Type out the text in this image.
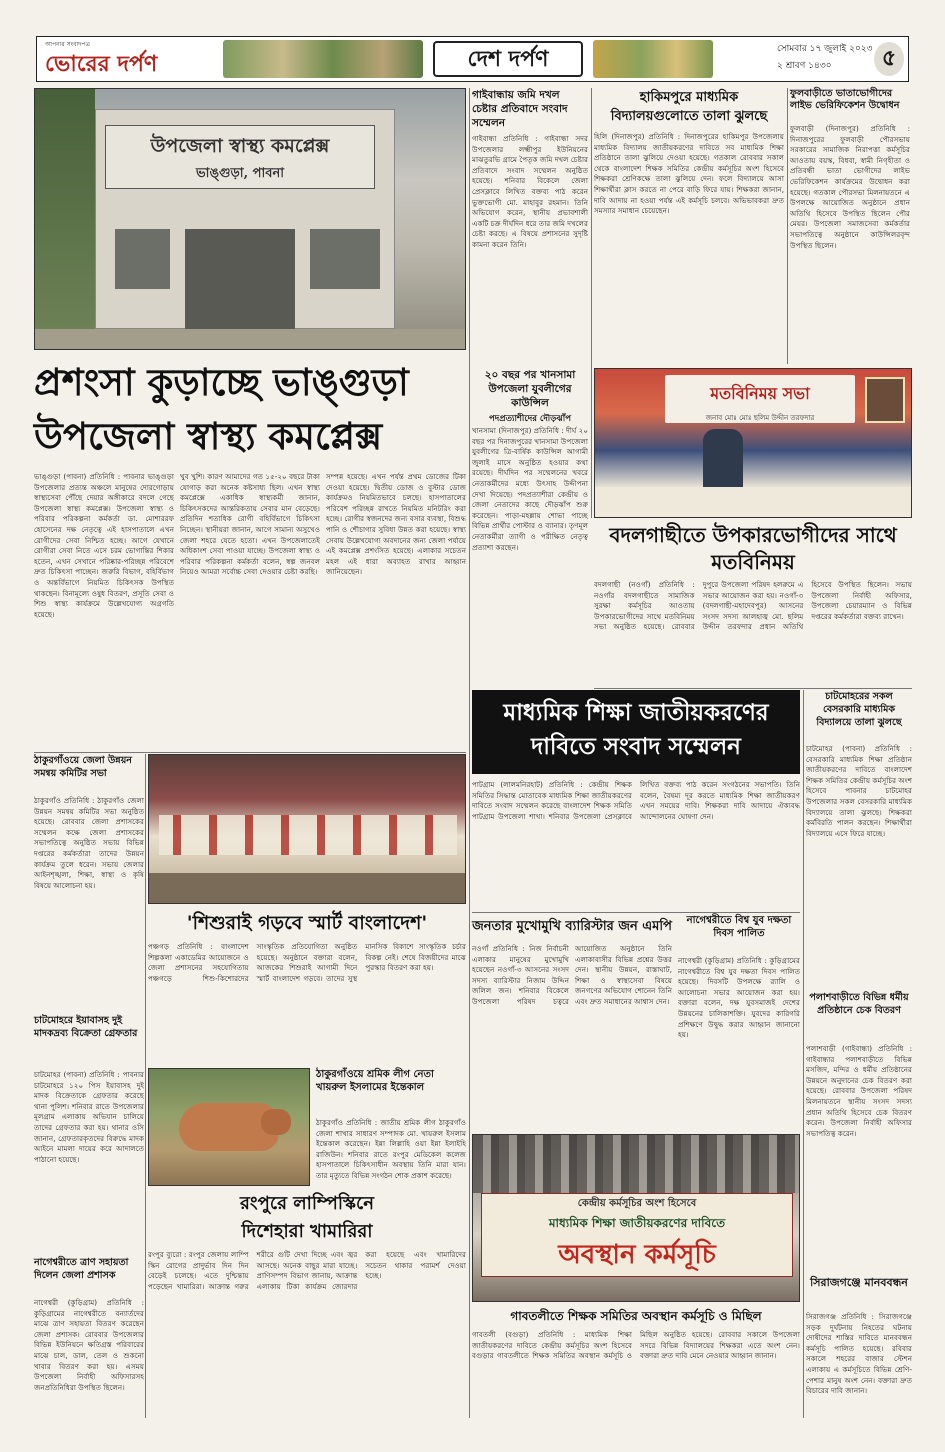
আপনার সংবাদপত্র
ভোরের দর্পণ	দেশ দর্পণ	সোমবার ১৭ জুলাই ২০২৩
২ শ্রাবণ ১৪৩০	৫
উপজেলা স্বাস্থ্য কমপ্লেক্স
ভাঙ্গুড়া, পাবনা
প্রশংসা কুড়াচ্ছে ভাঙ্গুড়া
উপজেলা স্বাস্থ্য কমপ্লেক্স
ভাঙ্গুড়া (পাবনা) প্রতিনিধি : পাবনার ভাঙ্গুড়া উপজেলার প্রত্যন্ত অঞ্চলে মানুষের দোরগোড়ায় স্বাস্থ্যসেবা পৌঁছে দেয়ার অঙ্গীকারে বদলে গেছে উপজেলা স্বাস্থ্য কমপ্লেক্স। উপজেলা স্বাস্থ্য ও পরিবার পরিকল্পনা কর্মকর্তা ডা. মোশাররফ হোসেনের দক্ষ নেতৃত্বে এই হাসপাতালে এখন রোগীদের সেবা নিশ্চিত হচ্ছে। আগে যেখানে রোগীরা সেবা নিতে এসে চরম ভোগান্তির শিকার হতেন, এখন সেখানে পরিষ্কার-পরিচ্ছন্ন পরিবেশে দ্রুত চিকিৎসা পাচ্ছেন। জরুরি বিভাগ, বহির্বিভাগ ও অন্তর্বিভাগে নিয়মিত চিকিৎসক উপস্থিত থাকছেন। বিনামূল্যে ওষুধ বিতরণ, প্রসূতি সেবা ও শিশু স্বাস্থ্য কার্যক্রমে উল্লেখযোগ্য অগ্রগতি হয়েছে।
খুব খুশি। কারণ আমাদের গত ১৫-২০ বছরে টাকা যোগাড় করা অনেক কষ্টসাধ্য ছিল। এখন স্বাস্থ্য কমপ্লেক্সে একাধিক স্বাস্থ্যকর্মী জানান, চিকিৎসকদের আন্তরিকতায় সেবার মান বেড়েছে। প্রতিদিন শতাধিক রোগী বহির্বিভাগে চিকিৎসা নিচ্ছেন। স্থানীয়রা জানান, আগে সামান্য অসুখেও জেলা শহরে যেতে হতো। এখন উপজেলাতেই অধিকাংশ সেবা পাওয়া যাচ্ছে। উপজেলা স্বাস্থ্য ও পরিবার পরিকল্পনা কর্মকর্তা বলেন, স্বল্প জনবল নিয়েও আমরা সর্বোচ্চ সেবা দেওয়ার চেষ্টা করছি।
সম্পন্ন হয়েছে। এখন পর্যন্ত প্রথম ডোজের টিকা দেওয়া হয়েছে। দ্বিতীয় ডোজ ও বুস্টার ডোজ কার্যক্রমও নিয়মিতভাবে চলছে। হাসপাতালের পরিবেশ পরিচ্ছন্ন রাখতে নিয়মিত মনিটরিং করা হচ্ছে। রোগীর স্বজনদের জন্য বসার ব্যবস্থা, বিশুদ্ধ পানি ও শৌচাগার সুবিধা উন্নত করা হয়েছে। স্বাস্থ্য সেবায় উল্লেখযোগ্য অবদানের জন্য জেলা পর্যায়ে এই কমপ্লেক্স প্রশংসিত হয়েছে। এলাকার সচেতন মহল এই ধারা অব্যাহত রাখার আহ্বান জানিয়েছেন।
গাইবান্ধায় জমি দখল চেষ্টার প্রতিবাদে সংবাদ সম্মেলন
গাইবান্ধা প্রতিনিধি : গাইবান্ধা সদর উপজেলার লক্ষ্মীপুর ইউনিয়নের মাঝতুরভি গ্রামে পৈতৃক জমি দখল চেষ্টার প্রতিবাদে সংবাদ সম্মেলন অনুষ্ঠিত হয়েছে। শনিবার বিকেলে জেলা প্রেসক্লাবে লিখিত বক্তব্য পাঠ করেন ভুক্তভোগী মো. মাহাবুর রহমান। তিনি অভিযোগ করেন, স্থানীয় প্রভাবশালী একটি চক্র দীর্ঘদিন ধরে তার জমি দখলের চেষ্টা করছে। এ বিষয়ে প্রশাসনের সুদৃষ্টি কামনা করেন তিনি।
২০ বছর পর খানসামা উপজেলা যুবলীগের কাউন্সিল
পদপ্রত্যাশীদের দৌড়ঝাঁপ
খানসামা (দিনাজপুর) প্রতিনিধি : দীর্ঘ ২০ বছর পর দিনাজপুরের খানসামা উপজেলা যুবলীগের ত্রি-বার্ষিক কাউন্সিল আগামী জুলাই মাসে অনুষ্ঠিত হওয়ার কথা রয়েছে। দীর্ঘদিন পর সম্মেলনের খবরে নেতাকর্মীদের মধ্যে উৎসাহ উদ্দীপনা দেখা দিয়েছে। পদপ্রত্যাশীরা কেন্দ্রীয় ও জেলা নেতাদের কাছে দৌড়ঝাঁপ শুরু করেছেন। পাড়া-মহল্লায় শোভা পাচ্ছে বিভিন্ন প্রার্থীর পোস্টার ও ব্যানার। তৃণমূল নেতাকর্মীরা ত্যাগী ও পরীক্ষিত নেতৃত্ব প্রত্যাশা করছেন।
হাকিমপুরে মাধ্যমিক বিদ্যালয়গুলোতে তালা ঝুলছে
হিলি (দিনাজপুর) প্রতিনিধি : দিনাজপুরের হাকিমপুর উপজেলায় মাধ্যমিক বিদ্যালয় জাতীয়করণের দাবিতে সব মাধ্যমিক শিক্ষা প্রতিষ্ঠানে তালা ঝুলিয়ে দেওয়া হয়েছে। গতকাল রোববার সকাল থেকে বাংলাদেশ শিক্ষক সমিতির কেন্দ্রীয় কর্মসূচির অংশ হিসেবে শিক্ষকরা শ্রেণিকক্ষে তালা ঝুলিয়ে দেন। ফলে বিদ্যালয়ে আসা শিক্ষার্থীরা ক্লাস করতে না পেরে বাড়ি ফিরে যায়। শিক্ষকরা জানান, দাবি আদায় না হওয়া পর্যন্ত এই কর্মসূচি চলবে। অভিভাবকরা দ্রুত সমস্যার সমাধান চেয়েছেন।
ফুলবাড়ীতে ভাতাভোগীদের লাইভ ভেরিফিকেশন উদ্বোধন
ফুলবাড়ী (দিনাজপুর) প্রতিনিধি : দিনাজপুরের ফুলবাড়ী পৌরসভায় সরকারের সামাজিক নিরাপত্তা কর্মসূচির আওতায় বয়স্ক, বিধবা, স্বামী নিগৃহীতা ও প্রতিবন্ধী ভাতা ভোগীদের লাইভ ভেরিফিকেশন কার্যক্রমের উদ্বোধন করা হয়েছে। গতকাল পৌরসভা মিলনায়তনে এ উপলক্ষে আয়োজিত অনুষ্ঠানে প্রধান অতিথি হিসেবে উপস্থিত ছিলেন পৌর মেয়র। উপজেলা সমাজসেবা কর্মকর্তার সভাপতিত্বে অনুষ্ঠানে কাউন্সিলরবৃন্দ উপস্থিত ছিলেন।
মতবিনিময় সভা
জনাব মোঃ মোঃ ছলিম উদ্দীন তরফদার
বদলগাছীতে উপকারভোগীদের সাথে মতবিনিময়
বদলগাছী (নওগাঁ) প্রতিনিধি : নওগাঁর বদলগাছীতে সামাজিক সুরক্ষা কর্মসূচির আওতায় উপকারভোগীদের সাথে মতবিনিময় সভা অনুষ্ঠিত হয়েছে। রোববার দুপুরে উপজেলা পরিষদ হলরুমে এ সভার আয়োজন করা হয়। নওগাঁ-৩ (বদলগাছী-মহাদেবপুর) আসনের সংসদ সদস্য আলহাজ্ব মো. ছলিম উদ্দীন তরফদার প্রধান অতিথি হিসেবে উপস্থিত ছিলেন। সভায় উপজেলা নির্বাহী অফিসার, উপজেলা চেয়ারম্যান ও বিভিন্ন দপ্তরের কর্মকর্তারা বক্তব্য রাখেন।
চাটমোহরের সকল বেসরকারি মাধ্যমিক বিদ্যালয়ে তালা ঝুলছে
চাটমোহর (পাবনা) প্রতিনিধি : বেসরকারি মাধ্যমিক শিক্ষা প্রতিষ্ঠান জাতীয়করণের দাবিতে বাংলাদেশ শিক্ষক সমিতির কেন্দ্রীয় কর্মসূচির অংশ হিসেবে পাবনার চাটমোহর উপজেলার সকল বেসরকারি মাধ্যমিক বিদ্যালয়ে তালা ঝুলছে। শিক্ষকরা কর্মবিরতি পালন করছেন। শিক্ষার্থীরা বিদ্যালয়ে এসে ফিরে যাচ্ছে।
মাধ্যমিক শিক্ষা জাতীয়করণের
দাবিতে সংবাদ সম্মেলন
পাটগ্রাম (লালমনিরহাট) প্রতিনিধি : কেন্দ্রীয় শিক্ষক সমিতির সিদ্ধান্ত মোতাবেক মাধ্যমিক শিক্ষা জাতীয়করণের দাবিতে সংবাদ সম্মেলন করেছে বাংলাদেশ শিক্ষক সমিতি পাটগ্রাম উপজেলা শাখা। শনিবার উপজেলা প্রেসক্লাবে লিখিত বক্তব্য পাঠ করেন সংগঠনের সভাপতি। তিনি বলেন, বৈষম্য দূর করতে মাধ্যমিক শিক্ষা জাতীয়করণ এখন সময়ের দাবি। শিক্ষকরা দাবি আদায়ে ঐক্যবদ্ধ আন্দোলনের ঘোষণা দেন।
ঠাকুরগাঁওয়ে জেলা উন্নয়ন সমন্বয় কমিটির সভা
ঠাকুরগাঁও প্রতিনিধি : ঠাকুরগাঁও জেলা উন্নয়ন সমন্বয় কমিটির সভা অনুষ্ঠিত হয়েছে। রোববার জেলা প্রশাসকের সম্মেলন কক্ষে জেলা প্রশাসকের সভাপতিত্বে অনুষ্ঠিত সভায় বিভিন্ন দপ্তরের কর্মকর্তারা তাদের উন্নয়ন কার্যক্রম তুলে ধরেন। সভায় জেলার আইনশৃঙ্খলা, শিক্ষা, স্বাস্থ্য ও কৃষি বিষয়ে আলোচনা হয়।
'শিশুরাই গড়বে স্মার্ট বাংলাদেশ'
পঞ্চগড় প্রতিনিধি : বাংলাদেশ শিল্পকলা একাডেমির আয়োজনে ও জেলা প্রশাসনের সহযোগিতায় পঞ্চগড়ে শিশু-কিশোরদের সাংস্কৃতিক প্রতিযোগিতা অনুষ্ঠিত হয়েছে। অনুষ্ঠানে বক্তারা বলেন, আজকের শিশুরাই আগামী দিনে স্মার্ট বাংলাদেশ গড়বে। তাদের সুস্থ মানসিক বিকাশে সাংস্কৃতিক চর্চার বিকল্প নেই। শেষে বিজয়ীদের মাঝে পুরস্কার বিতরণ করা হয়।
চাটমোহরে ইয়াবাসহ দুই মাদকদ্রব্য বিক্রেতা গ্রেফতার
চাটমোহর (পাবনা) প্রতিনিধি : পাবনার চাটমোহরে ১২০ পিস ইয়াবাসহ দুই মাদক বিক্রেতাকে গ্রেফতার করেছে থানা পুলিশ। শনিবার রাতে উপজেলার মূলগ্রাম এলাকায় অভিযান চালিয়ে তাদের গ্রেফতার করা হয়। থানার ওসি জানান, গ্রেফতারকৃতদের বিরুদ্ধে মাদক আইনে মামলা দায়ের করে আদালতে পাঠানো হয়েছে।
নাগেশ্বরীতে ত্রাণ সহায়তা দিলেন জেলা প্রশাসক
নাগেশ্বরী (কুড়িগ্রাম) প্রতিনিধি : কুড়িগ্রামের নাগেশ্বরীতে বন্যার্তদের মাঝে ত্রাণ সহায়তা বিতরণ করেছেন জেলা প্রশাসক। রোববার উপজেলার বিভিন্ন ইউনিয়নে ক্ষতিগ্রস্ত পরিবারের মাঝে চাল, ডাল, তেল ও শুকনো খাবার বিতরণ করা হয়। এসময় উপজেলা নির্বাহী অফিসারসহ জনপ্রতিনিধিরা উপস্থিত ছিলেন।
জনতার মুখোমুখি ব্যারিস্টার জন এমপি
নওগাঁ প্রতিনিধি : নিজ নির্বাচনী এলাকার মানুষের মুখোমুখি হয়েছেন নওগাঁ-৩ আসনের সংসদ সদস্য ব্যারিস্টার নিজাম উদ্দিন জলিল জন। শনিবার বিকেলে উপজেলা পরিষদ চত্বরে আয়োজিত অনুষ্ঠানে তিনি এলাকাবাসীর বিভিন্ন প্রশ্নের উত্তর দেন। স্থানীয় উন্নয়ন, রাস্তাঘাট, শিক্ষা ও স্বাস্থ্যসেবা বিষয়ে জনগণের অভিযোগ শোনেন তিনি এবং দ্রুত সমাধানের আশ্বাস দেন।
নাগেশ্বরীতে বিশ্ব যুব দক্ষতা দিবস পালিত
নাগেশ্বরী (কুড়িগ্রাম) প্রতিনিধি : কুড়িগ্রামের নাগেশ্বরীতে বিশ্ব যুব দক্ষতা দিবস পালিত হয়েছে। দিবসটি উপলক্ষে র‌্যালি ও আলোচনা সভার আয়োজন করা হয়। বক্তারা বলেন, দক্ষ যুবসমাজই দেশের উন্নয়নের চালিকাশক্তি। যুবদের কারিগরি প্রশিক্ষণে উদ্বুদ্ধ করার আহ্বান জানানো হয়।
ঠাকুরগাঁওয়ে শ্রমিক লীগ নেতা খায়রুল ইসলামের ইন্তেকাল
ঠাকুরগাঁও প্রতিনিধি : জাতীয় শ্রমিক লীগ ঠাকুরগাঁও জেলা শাখার সাধারণ সম্পাদক মো. খায়রুল ইসলাম ইন্তেকাল করেছেন। ইন্না লিল্লাহি ওয়া ইন্না ইলাইহি রাজিউন। শনিবার রাতে রংপুর মেডিকেল কলেজ হাসপাতালে চিকিৎসাধীন অবস্থায় তিনি মারা যান। তার মৃত্যুতে বিভিন্ন সংগঠন শোক প্রকাশ করেছে।
রংপুরে লাম্পিস্কিনে
দিশেহারা খামারিরা
রংপুর ব্যুরো : রংপুর জেলায় লাম্পি স্কিন রোগের প্রাদুর্ভাব দিন দিন বেড়েই চলেছে। এতে দুশ্চিন্তায় পড়েছেন খামারিরা। আক্রান্ত গরুর শরীরে গুটি দেখা দিচ্ছে এবং জ্বর আসছে। অনেক বাছুর মারা যাচ্ছে। প্রাণিসম্পদ বিভাগ জানায়, আক্রান্ত এলাকায় টিকা কার্যক্রম জোরদার করা হয়েছে এবং খামারিদের সচেতন থাকার পরামর্শ দেওয়া হচ্ছে।
কেন্দ্রীয় কর্মসূচির অংশ হিসেবে
মাধ্যমিক শিক্ষা জাতীয়করণের দাবিতে
অবস্থান কর্মসূচি
গাবতলীতে শিক্ষক সমিতির অবস্থান কর্মসূচি ও মিছিল
গাবতলী (বগুড়া) প্রতিনিধি : মাধ্যমিক শিক্ষা জাতীয়করণের দাবিতে কেন্দ্রীয় কর্মসূচির অংশ হিসেবে বগুড়ার গাবতলীতে শিক্ষক সমিতির অবস্থান কর্মসূচি ও মিছিল অনুষ্ঠিত হয়েছে। রোববার সকালে উপজেলা সদরে বিভিন্ন বিদ্যালয়ের শিক্ষকরা এতে অংশ নেন। বক্তারা দ্রুত দাবি মেনে নেওয়ার আহ্বান জানান।
পলাশবাড়ীতে বিভিন্ন ধর্মীয় প্রতিষ্ঠানে চেক বিতরণ
পলাশবাড়ী (গাইবান্ধা) প্রতিনিধি : গাইবান্ধার পলাশবাড়ীতে বিভিন্ন মসজিদ, মন্দির ও ধর্মীয় প্রতিষ্ঠানের উন্নয়নে অনুদানের চেক বিতরণ করা হয়েছে। রোববার উপজেলা পরিষদ মিলনায়তনে স্থানীয় সংসদ সদস্য প্রধান অতিথি হিসেবে চেক বিতরণ করেন। উপজেলা নির্বাহী অফিসার সভাপতিত্ব করেন।
সিরাজগঞ্জে মানববন্ধন
সিরাজগঞ্জ প্রতিনিধি : সিরাজগঞ্জে সড়ক দুর্ঘটনায় নিহতের ঘটনায় দোষীদের শাস্তির দাবিতে মানববন্ধন কর্মসূচি পালিত হয়েছে। রবিবার সকালে শহরের বাজার স্টেশন এলাকায় এ কর্মসূচিতে বিভিন্ন শ্রেণি-পেশার মানুষ অংশ নেন। বক্তারা দ্রুত বিচারের দাবি জানান।
